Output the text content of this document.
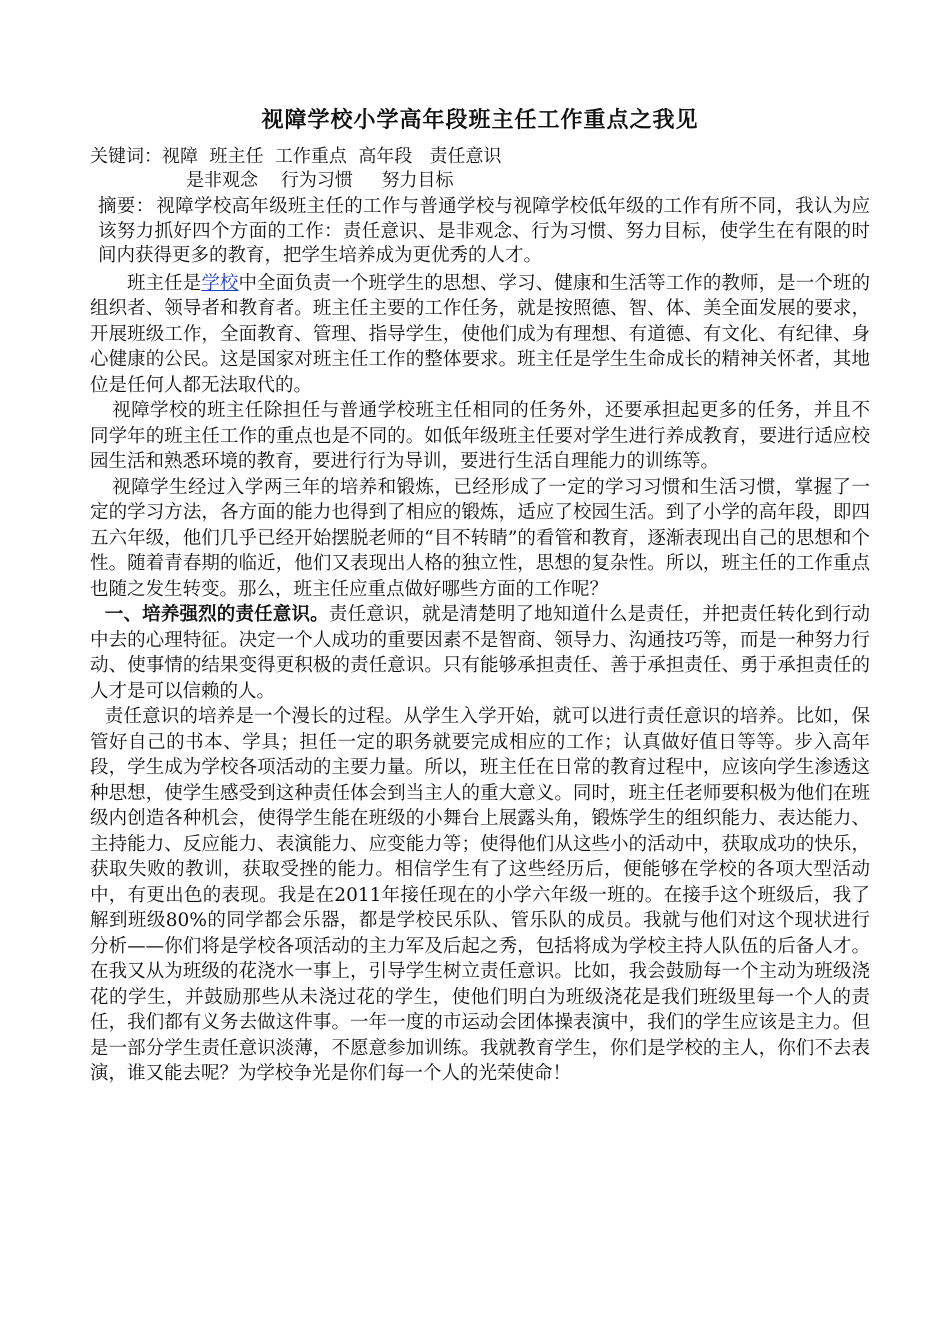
视障学校小学高年段班主任工作重点之我见
关键词：视障  班主任  工作重点  高年段   责任意识
是非观念    行为习惯     努力目标
摘要： 视障学校高年级班主任的工作与普通学校与视障学校低年级的工作有所不同，我认为应该努力抓好四个方面的工作：责任意识、是非观念、行为习惯、努力目标，使学生在有限的时间内获得更多的教育，把学生培养成为更优秀的人才。

班主任是学校中全面负责一个班学生的思想、学习、健康和生活等工作的教师，是一个班的组织者、领导者和教育者。班主任主要的工作任务，就是按照德、智、体、美全面发展的要求，开展班级工作，全面教育、管理、指导学生，使他们成为有理想、有道德、有文化、有纪律、身心健康的公民。这是国家对班主任工作的整体要求。班主任是学生生命成长的精神关怀者，其地位是任何人都无法取代的。

视障学校的班主任除担任与普通学校班主任相同的任务外，还要承担起更多的任务，并且不同学年的班主任工作的重点也是不同的。如低年级班主任要对学生进行养成教育，要进行适应校园生活和熟悉环境的教育，要进行行为导训，要进行生活自理能力的训练等。

视障学生经过入学两三年的培养和锻炼，已经形成了一定的学习习惯和生活习惯，掌握了一定的学习方法，各方面的能力也得到了相应的锻炼，适应了校园生活。到了小学的高年段，即四五六年级，他们几乎已经开始摆脱老师的“目不转睛”的看管和教育，逐渐表现出自己的思想和个性。随着青春期的临近，他们又表现出人格的独立性，思想的复杂性。所以，班主任的工作重点也随之发生转变。那么，班主任应重点做好哪些方面的工作呢？

一、培养强烈的责任意识。责任意识，就是清楚明了地知道什么是责任，并把责任转化到行动中去的心理特征。决定一个人成功的重要因素不是智商、领导力、沟通技巧等，而是一种努力行动、使事情的结果变得更积极的责任意识。只有能够承担责任、善于承担责任、勇于承担责任的人才是可以信赖的人。

责任意识的培养是一个漫长的过程。从学生入学开始，就可以进行责任意识的培养。比如，保管好自己的书本、学具；担任一定的职务就要完成相应的工作；认真做好值日等等。步入高年段，学生成为学校各项活动的主要力量。所以，班主任在日常的教育过程中，应该向学生渗透这种思想，使学生感受到这种责任体会到当主人的重大意义。同时，班主任老师要积极为他们在班级内创造各种机会，使得学生能在班级的小舞台上展露头角，锻炼学生的组织能力、表达能力、主持能力、反应能力、表演能力、应变能力等；使得他们从这些小的活动中，获取成功的快乐，获取失败的教训，获取受挫的能力。相信学生有了这些经历后，便能够在学校的各项大型活动中，有更出色的表现。我是在2011年接任现在的小学六年级一班的。在接手这个班级后，我了解到班级80%的同学都会乐器，都是学校民乐队、管乐队的成员。我就与他们对这个现状进行分析——你们将是学校各项活动的主力军及后起之秀，包括将成为学校主持人队伍的后备人才。在我又从为班级的花浇水一事上，引导学生树立责任意识。比如，我会鼓励每一个主动为班级浇花的学生，并鼓励那些从未浇过花的学生，使他们明白为班级浇花是我们班级里每一个人的责任，我们都有义务去做这件事。一年一度的市运动会团体操表演中，我们的学生应该是主力。但是一部分学生责任意识淡薄，不愿意参加训练。我就教育学生，你们是学校的主人，你们不去表演，谁又能去呢？为学校争光是你们每一个人的光荣使命！
